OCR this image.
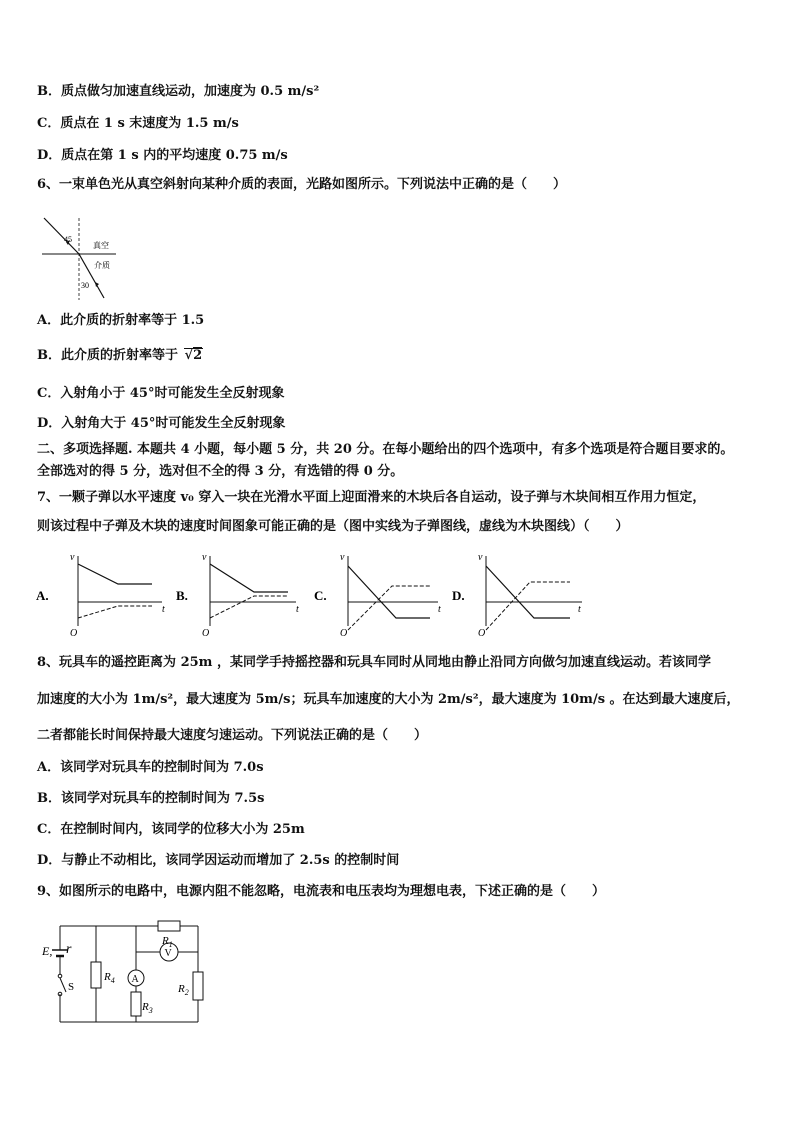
B．质点做匀加速直线运动，加速度为 0.5 m/s²
C．质点在 1 s 末速度为 1.5 m/s
D．质点在第 1 s 内的平均速度 0.75 m/s
6、一束单色光从真空斜射向某种介质的表面，光路如图所示。下列说法中正确的是（　　）
45
30
真空
介质
A．此介质的折射率等于 1.5
B．此介质的折射率等于 √2
C．入射角小于 45°时可能发生全反射现象
D．入射角大于 45°时可能发生全反射现象
二、多项选择题. 本题共 4 小题，每小题 5 分，共 20 分。在每小题给出的四个选项中，有多个选项是符合题目要求的。
全部选对的得 5 分，选对但不全的得 3 分，有选错的得 0 分。
7、一颗子弹以水平速度 v₀ 穿入一块在光滑水平面上迎面滑来的木块后各自运动，设子弹与木块间相互作用力恒定，
则该过程中子弹及木块的速度时间图象可能正确的是（图中实线为子弹图线，虚线为木块图线）（　　）
A.
v
t
O
B.
v
t
O
C.
v
t
O
D.
v
t
O
8、玩具车的遥控距离为 25m ，某同学手持摇控器和玩具车同时从同地由静止沿同方向做匀加速直线运动。若该同学
加速度的大小为 1m/s²，最大速度为 5m/s；玩具车加速度的大小为 2m/s²，最大速度为 10m/s 。在达到最大速度后，
二者都能长时间保持最大速度匀速运动。下列说法正确的是（　　）
A．该同学对玩具车的控制时间为 7.0s
B．该同学对玩具车的控制时间为 7.5s
C．在控制时间内，该同学的位移大小为 25m
D．与静止不动相比，该同学因运动而增加了 2.5s 的控制时间
9、如图所示的电路中，电源内阻不能忽略，电流表和电压表均为理想电表，下述正确的是（　　）
E, r
S
$R_4$ A
$R_3$
$R_1$
V
$R_2$
